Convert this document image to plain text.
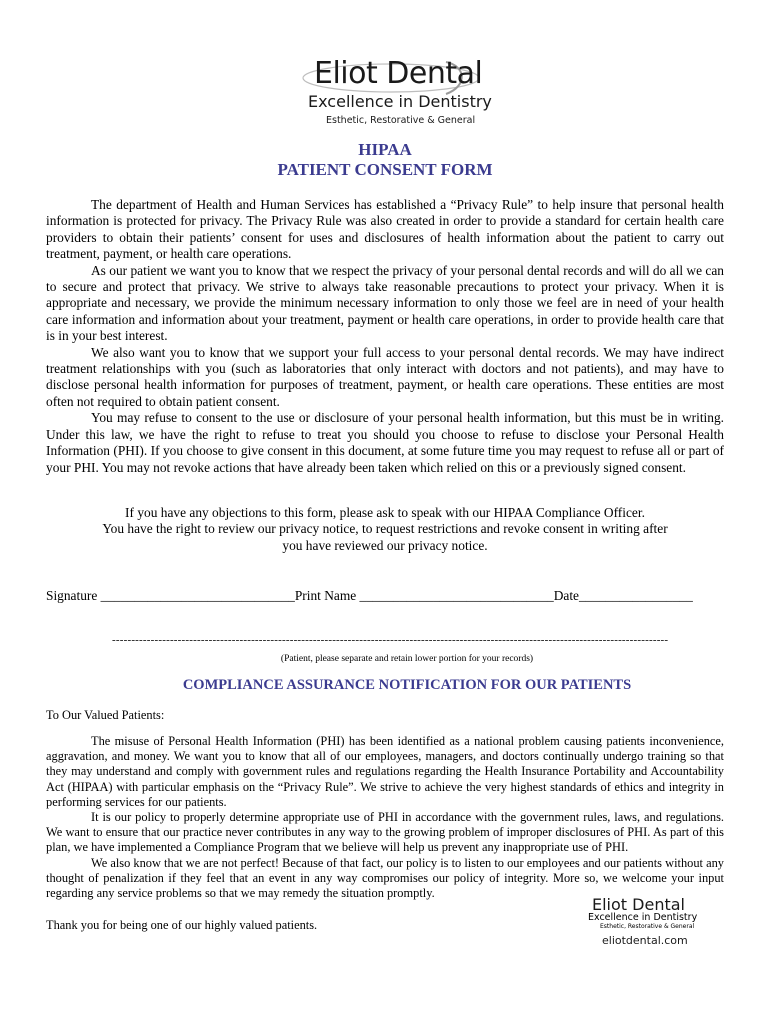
Eliot Dental
Excellence in Dentistry
Esthetic, Restorative & General
HIPAA
PATIENT CONSENT FORM

The department of Health and Human Services has established a “Privacy Rule” to help insure that personal health information is protected for privacy. The Privacy Rule was also created in order to provide a standard for certain health care providers to obtain their patients’ consent for uses and disclosures of health information about the patient to carry out treatment, payment, or health care operations.

As our patient we want you to know that we respect the privacy of your personal dental records and will do all we can to secure and protect that privacy. We strive to always take reasonable precautions to protect your privacy. When it is appropriate and necessary, we provide the minimum necessary information to only those we feel are in need of your health care information and information about your treatment, payment or health care operations, in order to provide health care that is in your best interest.

We also want you to know that we support your full access to your personal dental records. We may have indirect treatment relationships with you (such as laboratories that only interact with doctors and not patients), and may have to disclose personal health information for purposes of treatment, payment, or health care operations. These entities are most often not required to obtain patient consent.

You may refuse to consent to the use or disclosure of your personal health information, but this must be in writing. Under this law, we have the right to refuse to treat you should you choose to refuse to disclose your Personal Health Information (PHI). If you choose to give consent in this document, at some future time you may request to refuse all or part of your PHI. You may not revoke actions that have already been taken which relied on this or a previously signed consent.

If you have any objections to this form, please ask to speak with our HIPAA Compliance Officer.

You have the right to review our privacy notice, to request restrictions and revoke consent in writing after you have reviewed our privacy notice.

Signature _____________________________Print Name _____________________________Date_________________
------------------------------------------------------------------------------------------------------------------------------------------------
(Patient, please separate and retain lower portion for your records)
COMPLIANCE ASSURANCE NOTIFICATION FOR OUR PATIENTS
To Our Valued Patients:

The misuse of Personal Health Information (PHI) has been identified as a national problem causing patients inconvenience, aggravation, and money. We want you to know that all of our employees, managers, and doctors continually undergo training so that they may understand and comply with government rules and regulations regarding the Health Insurance Portability and Accountability Act (HIPAA) with particular emphasis on the “Privacy Rule”. We strive to achieve the very highest standards of ethics and integrity in performing services for our patients.

It is our policy to properly determine appropriate use of PHI in accordance with the government rules, laws, and regulations. We want to ensure that our practice never contributes in any way to the growing problem of improper disclosures of PHI. As part of this plan, we have implemented a Compliance Program that we believe will help us prevent any inappropriate use of PHI.

We also know that we are not perfect! Because of that fact, our policy is to listen to our employees and our patients without any thought of penalization if they feel that an event in any way compromises our policy of integrity. More so, we welcome your input regarding any service problems so that we may remedy the situation promptly.

Thank you for being one of our highly valued patients.
Eliot Dental
Excellence in Dentistry
Esthetic, Restorative & General
eliotdental.com
